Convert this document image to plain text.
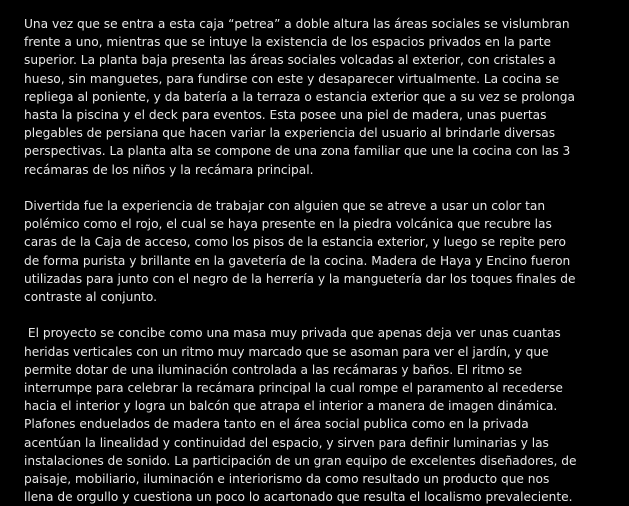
Una vez que se entra a esta caja “petrea” a doble altura las áreas sociales se vislumbran
frente a uno, mientras que se intuye la existencia de los espacios privados en la parte
superior. La planta baja presenta las áreas sociales volcadas al exterior, con cristales a
hueso, sin manguetes, para fundirse con este y desaparecer virtualmente. La cocina se
repliega al poniente, y da batería a la terraza o estancia exterior que a su vez se prolonga
hasta la piscina y el deck para eventos. Esta posee una piel de madera, unas puertas
plegables de persiana que hacen variar la experiencia del usuario al brindarle diversas
perspectivas. La planta alta se compone de una zona familiar que une la cocina con las 3
recámaras de los niños y la recámara principal.

Divertida fue la experiencia de trabajar con alguien que se atreve a usar un color tan
polémico como el rojo, el cual se haya presente en la piedra volcánica que recubre las
caras de la Caja de acceso, como los pisos de la estancia exterior, y luego se repite pero
de forma purista y brillante en la gavetería de la cocina. Madera de Haya y Encino fueron
utilizadas para junto con el negro de la herrería y la manguetería dar los toques finales de
contraste al conjunto.

El proyecto se concibe como una masa muy privada que apenas deja ver unas cuantas
heridas verticales con un ritmo muy marcado que se asoman para ver el jardín, y que
permite dotar de una iluminación controlada a las recámaras y baños. El ritmo se
interrumpe para celebrar la recámara principal la cual rompe el paramento al recederse
hacia el interior y logra un balcón que atrapa el interior a manera de imagen dinámica.
Plafones enduelados de madera tanto en el área social publica como en la privada
acentúan la linealidad y continuidad del espacio, y sirven para definir luminarias y las
instalaciones de sonido. La participación de un gran equipo de excelentes diseñadores, de
paisaje, mobiliario, iluminación e interiorismo da como resultado un producto que nos
llena de orgullo y cuestiona un poco lo acartonado que resulta el localismo prevaleciente.
